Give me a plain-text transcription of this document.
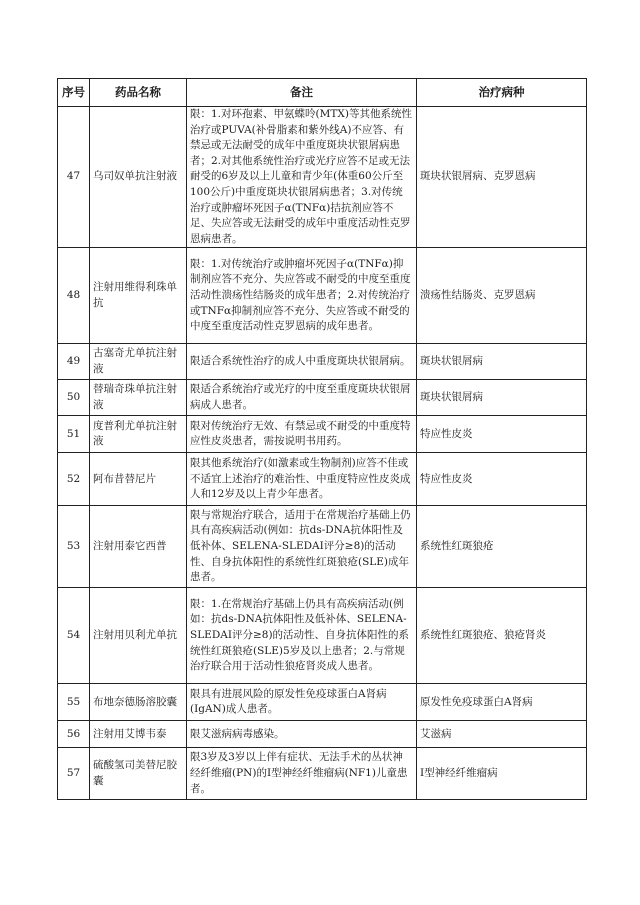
序号	药品名称	备注	治疗病种
47	乌司奴单抗注射液	限：1.对环孢素、甲氨蝶呤(MTX)等其他系统性治疗或PUVA(补骨脂素和紫外线A)不应答、有禁忌或无法耐受的成年中重度斑块状银屑病患者；2.对其他系统性治疗或光疗应答不足或无法耐受的6岁及以上儿童和青少年(体重60公斤至100公斤)中重度斑块状银屑病患者；3.对传统治疗或肿瘤坏死因子α(TNFα)拮抗剂应答不足、失应答或无法耐受的成年中重度活动性克罗恩病患者。	斑块状银屑病、克罗恩病
48	注射用维得利珠单抗	限：1.对传统治疗或肿瘤坏死因子α(TNFα)抑制剂应答不充分、失应答或不耐受的中度至重度活动性溃疡性结肠炎的成年患者；2.对传统治疗或TNFα抑制剂应答不充分、失应答或不耐受的中度至重度活动性克罗恩病的成年患者。	溃疡性结肠炎、克罗恩病
49	古塞奇尤单抗注射液	限适合系统性治疗的成人中重度斑块状银屑病。	斑块状银屑病
50	替瑞奇珠单抗注射液	限适合系统治疗或光疗的中度至重度斑块状银屑病成人患者。	斑块状银屑病
51	度普利尤单抗注射液	限对传统治疗无效、有禁忌或不耐受的中重度特应性皮炎患者，需按说明书用药。	特应性皮炎
52	阿布昔替尼片	限其他系统治疗(如激素或生物制剂)应答不佳或不适宜上述治疗的难治性、中重度特应性皮炎成人和12岁及以上青少年患者。	特应性皮炎
53	注射用泰它西普	限与常规治疗联合，适用于在常规治疗基础上仍具有高疾病活动(例如：抗ds-DNA抗体阳性及低补体、SELENA-SLEDAI评分≥8)的活动性、自身抗体阳性的系统性红斑狼疮(SLE)成年患者。	系统性红斑狼疮
54	注射用贝利尤单抗	限：1.在常规治疗基础上仍具有高疾病活动(例如：抗ds-DNA抗体阳性及低补体、SELENA-SLEDAI评分≥8)的活动性、自身抗体阳性的系统性红斑狼疮(SLE)5岁及以上患者；2.与常规治疗联合用于活动性狼疮肾炎成人患者。	系统性红斑狼疮、狼疮肾炎
55	布地奈德肠溶胶囊	限具有进展风险的原发性免疫球蛋白A肾病(IgAN)成人患者。	原发性免疫球蛋白A肾病
56	注射用艾博韦泰	限艾滋病病毒感染。	艾滋病
57	硫酸氢司美替尼胶囊	限3岁及3岁以上伴有症状、无法手术的丛状神经纤维瘤(PN)的I型神经纤维瘤病(NF1)儿童患者。	I型神经纤维瘤病
